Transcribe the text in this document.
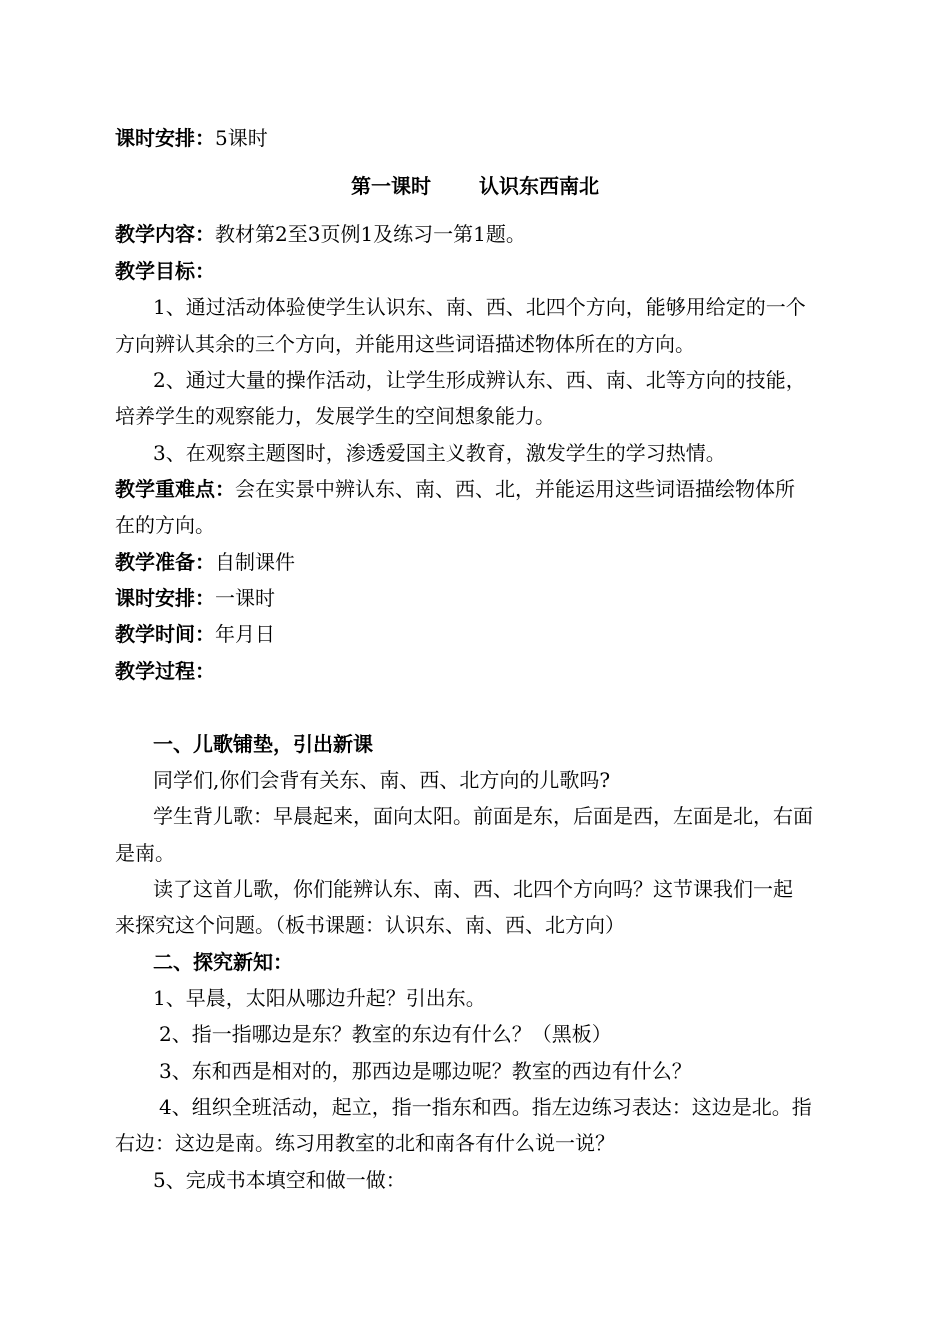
课时安排：5课时
第一课时 认识东西南北
教学内容：教材第2至3页例1及练习一第1题。
教学目标：
1、通过活动体验使学生认识东、南、西、北四个方向，能够用给定的一个
方向辨认其余的三个方向，并能用这些词语描述物体所在的方向。
2、通过大量的操作活动，让学生形成辨认东、西、南、北等方向的技能，
培养学生的观察能力，发展学生的空间想象能力。
3、在观察主题图时，渗透爱国主义教育，激发学生的学习热情。
教学重难点：会在实景中辨认东、南、西、北，并能运用这些词语描绘物体所
在的方向。
教学准备：自制课件
课时安排：一课时
教学时间：年月日
教学过程：
一、儿歌铺垫，引出新课
同学们,你们会背有关东、南、西、北方向的儿歌吗?
学生背儿歌：早晨起来，面向太阳。前面是东，后面是西，左面是北，右面
是南。
读了这首儿歌，你们能辨认东、南、西、北四个方向吗？这节课我们一起
来探究这个问题。（板书课题：认识东、南、西、北方向）
二、探究新知：
1、早晨，太阳从哪边升起？引出东。
2、指一指哪边是东？教室的东边有什么？（黑板）
3、东和西是相对的，那西边是哪边呢？教室的西边有什么？
4、组织全班活动，起立，指一指东和西。指左边练习表达：这边是北。指
右边：这边是南。练习用教室的北和南各有什么说一说？
5、完成书本填空和做一做：
